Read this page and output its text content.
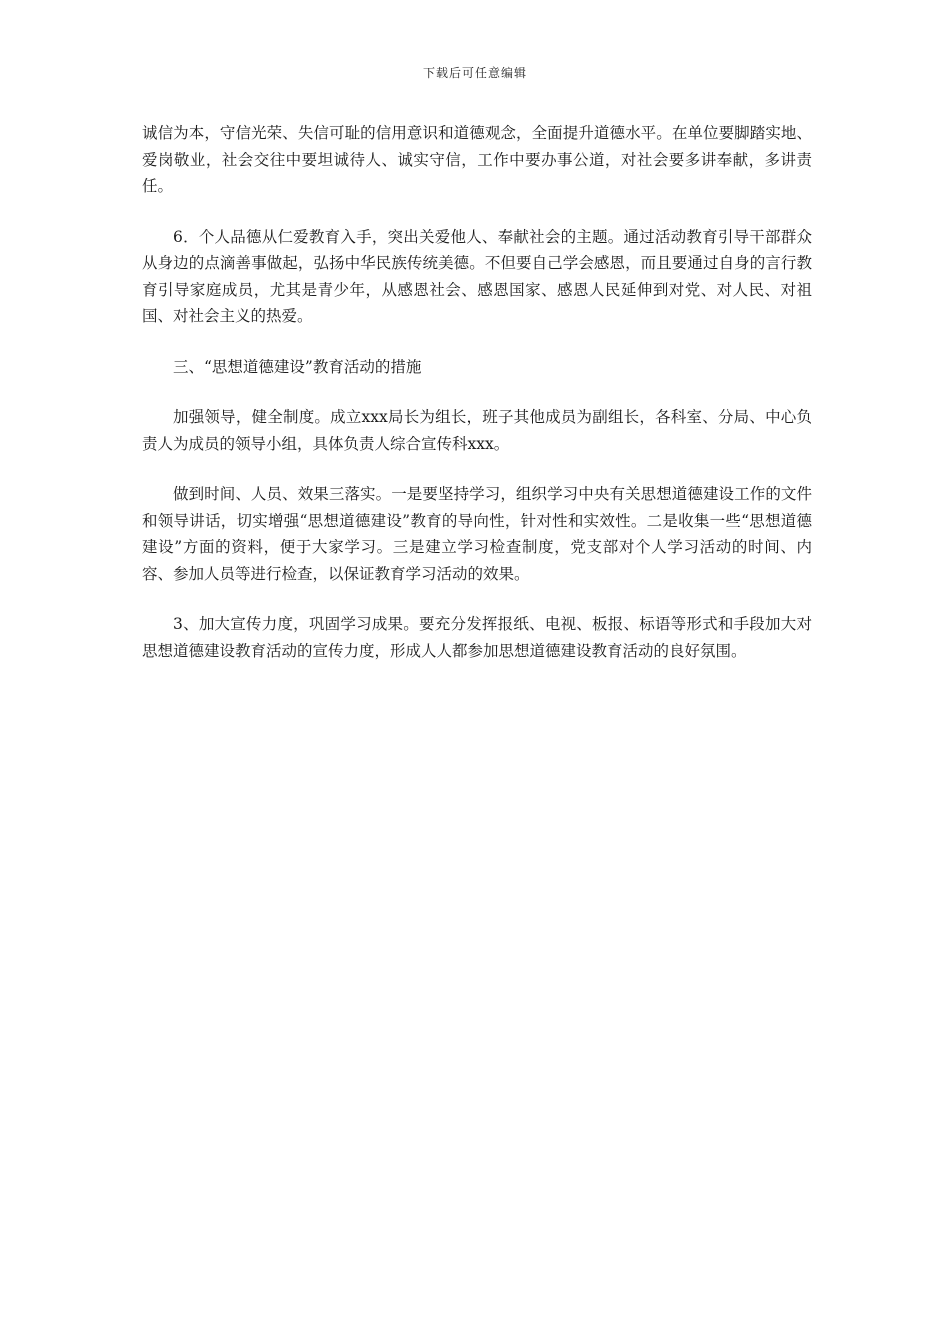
下载后可任意编辑

诚信为本，守信光荣、失信可耻的信用意识和道德观念，全面提升道德水平。在单位要脚踏实地、爱岗敬业，社会交往中要坦诚待人、诚实守信，工作中要办事公道，对社会要多讲奉献，多讲责任。

6．个人品德从仁爱教育入手，突出关爱他人、奉献社会的主题。通过活动教育引导干部群众从身边的点滴善事做起，弘扬中华民族传统美德。不但要自己学会感恩，而且要通过自身的言行教育引导家庭成员，尤其是青少年，从感恩社会、感恩国家、感恩人民延伸到对党、对人民、对祖国、对社会主义的热爱。

三、“思想道德建设”教育活动的措施

加强领导，健全制度。成立xxx局长为组长，班子其他成员为副组长，各科室、分局、中心负责人为成员的领导小组，具体负责人综合宣传科xxx。

做到时间、人员、效果三落实。一是要坚持学习，组织学习中央有关思想道德建设工作的文件和领导讲话，切实增强“思想道德建设”教育的导向性，针对性和实效性。二是收集一些“思想道德建设”方面的资料，便于大家学习。三是建立学习检查制度，党支部对个人学习活动的时间、内容、参加人员等进行检查，以保证教育学习活动的效果。

3、加大宣传力度，巩固学习成果。要充分发挥报纸、电视、板报、标语等形式和手段加大对思想道德建设教育活动的宣传力度，形成人人都参加思想道德建设教育活动的良好氛围。
